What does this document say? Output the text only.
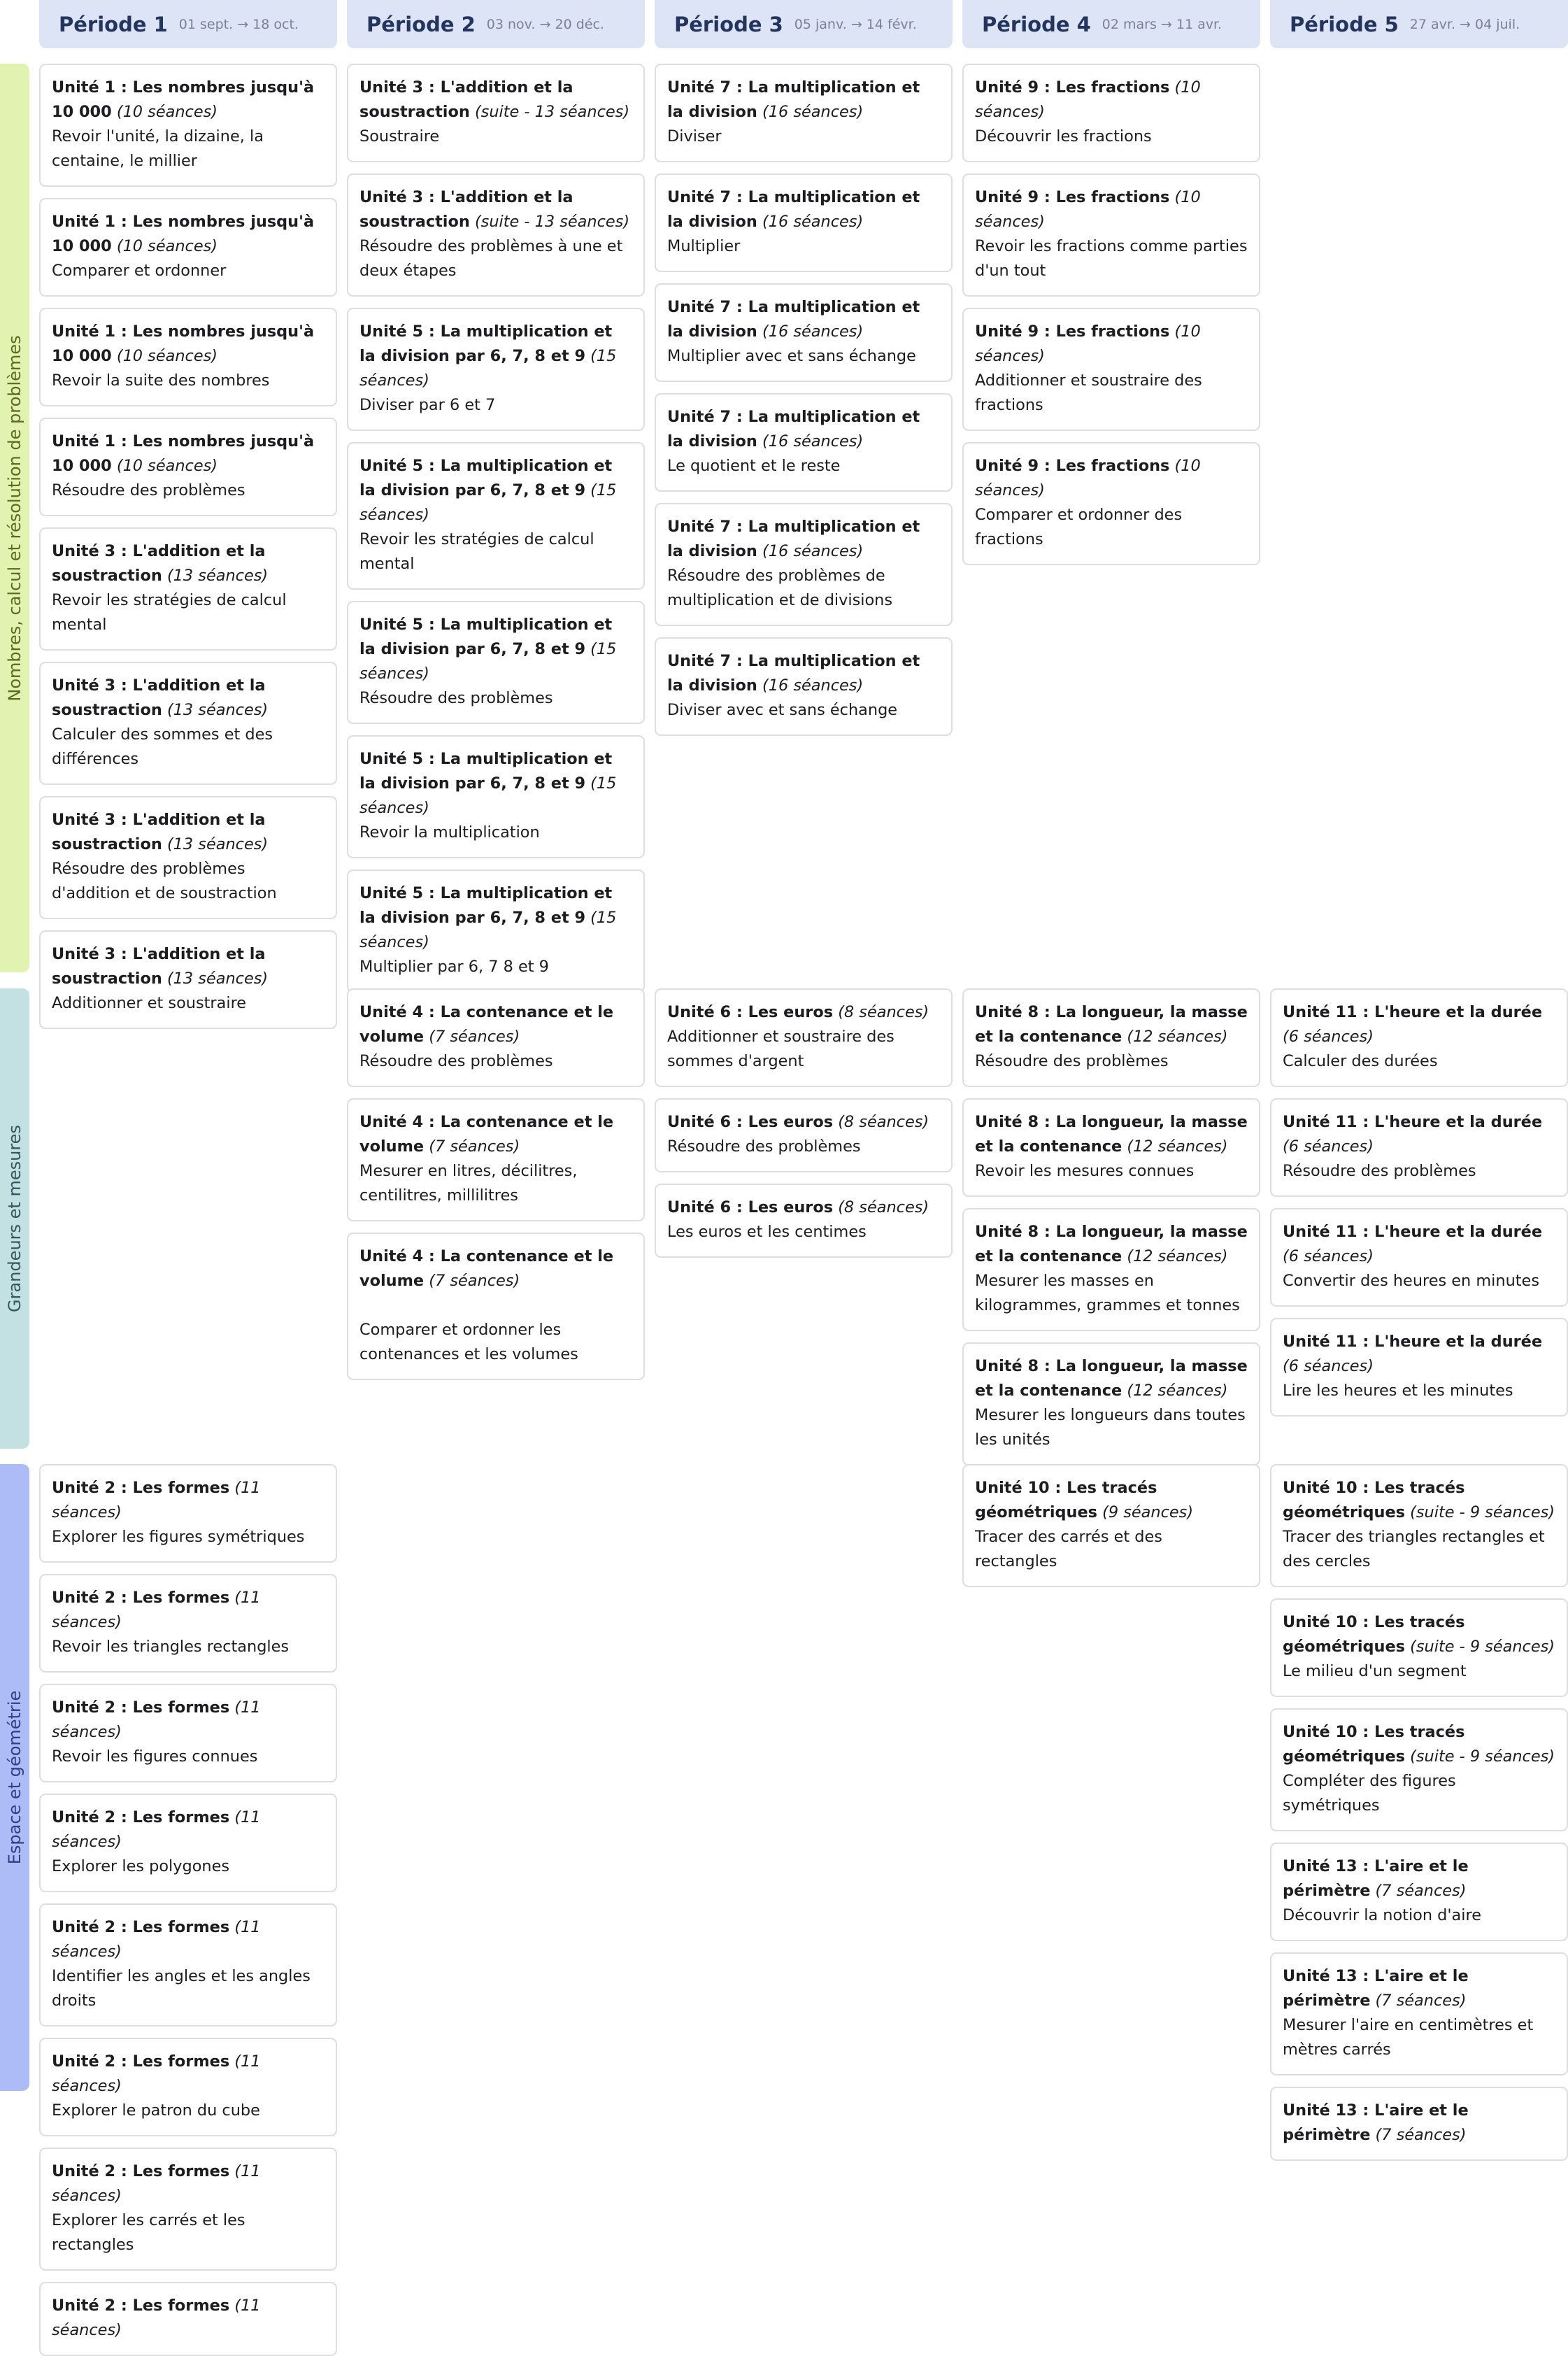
Période 1 01 sept. → 18 oct.	Période 2 03 nov. → 20 déc.	Période 3 05 janv. → 14 févr.	Période 4 02 mars → 11 avr.	Période 5 27 avr. → 04 juil.
Nombres, calcul et résolution de problèmes
Unité 1 : Les nombres jusqu'à 10 000 (10 séances)
Revoir l'unité, la dizaine, la centaine, le millier
Unité 1 : Les nombres jusqu'à 10 000 (10 séances)
Comparer et ordonner
Unité 1 : Les nombres jusqu'à 10 000 (10 séances)
Revoir la suite des nombres
Unité 1 : Les nombres jusqu'à 10 000 (10 séances)
Résoudre des problèmes
Unité 3 : L'addition et la soustraction (13 séances)
Revoir les stratégies de calcul mental
Unité 3 : L'addition et la soustraction (13 séances)
Calculer des sommes et des différences
Unité 3 : L'addition et la soustraction (13 séances)
Résoudre des problèmes d'addition et de soustraction
Unité 3 : L'addition et la soustraction (13 séances)
Additionner et soustraire
Unité 3 : L'addition et la soustraction (suite - 13 séances)
Soustraire
Unité 3 : L'addition et la soustraction (suite - 13 séances)
Résoudre des problèmes à une et deux étapes
Unité 5 : La multiplication et la division par 6, 7, 8 et 9 (15 séances)
Diviser par 6 et 7
Unité 5 : La multiplication et la division par 6, 7, 8 et 9 (15 séances)
Revoir les stratégies de calcul mental
Unité 5 : La multiplication et la division par 6, 7, 8 et 9 (15 séances)
Résoudre des problèmes
Unité 5 : La multiplication et la division par 6, 7, 8 et 9 (15 séances)
Revoir la multiplication
Unité 5 : La multiplication et la division par 6, 7, 8 et 9 (15 séances)
Multiplier par 6, 7 8 et 9
Unité 7 : La multiplication et la division (16 séances)
Diviser
Unité 7 : La multiplication et la division (16 séances)
Multiplier
Unité 7 : La multiplication et la division (16 séances)
Multiplier avec et sans échange
Unité 7 : La multiplication et la division (16 séances)
Le quotient et le reste
Unité 7 : La multiplication et la division (16 séances)
Résoudre des problèmes de multiplication et de divisions
Unité 7 : La multiplication et la division (16 séances)
Diviser avec et sans échange
Unité 9 : Les fractions (10 séances)
Découvrir les fractions
Unité 9 : Les fractions (10 séances)
Revoir les fractions comme parties d'un tout
Unité 9 : Les fractions (10 séances)
Additionner et soustraire des fractions
Unité 9 : Les fractions (10 séances)
Comparer et ordonner des fractions
Grandeurs et mesures
Unité 4 : La contenance et le volume (7 séances)
Résoudre des problèmes
Unité 4 : La contenance et le volume (7 séances)
Mesurer en litres, décilitres, centilitres, millilitres
Unité 4 : La contenance et le volume (7 séances)

Comparer et ordonner les contenances et les volumes
Unité 6 : Les euros (8 séances)
Additionner et soustraire des sommes d'argent
Unité 6 : Les euros (8 séances)
Résoudre des problèmes
Unité 6 : Les euros (8 séances)
Les euros et les centimes
Unité 8 : La longueur, la masse et la contenance (12 séances)
Résoudre des problèmes
Unité 8 : La longueur, la masse et la contenance (12 séances)
Revoir les mesures connues
Unité 8 : La longueur, la masse et la contenance (12 séances)
Mesurer les masses en kilogrammes, grammes et tonnes
Unité 8 : La longueur, la masse et la contenance (12 séances)
Mesurer les longueurs dans toutes les unités
Unité 11 : L'heure et la durée (6 séances)
Calculer des durées
Unité 11 : L'heure et la durée (6 séances)
Résoudre des problèmes
Unité 11 : L'heure et la durée (6 séances)
Convertir des heures en minutes
Unité 11 : L'heure et la durée (6 séances)
Lire les heures et les minutes
Espace et géométrie
Unité 2 : Les formes (11 séances)
Explorer les figures symétriques
Unité 2 : Les formes (11 séances)
Revoir les triangles rectangles
Unité 2 : Les formes (11 séances)
Revoir les figures connues
Unité 2 : Les formes (11 séances)
Explorer les polygones
Unité 2 : Les formes (11 séances)
Identifier les angles et les angles droits
Unité 2 : Les formes (11 séances)
Explorer le patron du cube
Unité 2 : Les formes (11 séances)
Explorer les carrés et les rectangles
Unité 2 : Les formes (11 séances)
Unité 10 : Les tracés géométriques (9 séances)
Tracer des carrés et des rectangles
Unité 10 : Les tracés géométriques (suite - 9 séances)
Tracer des triangles rectangles et des cercles
Unité 10 : Les tracés géométriques (suite - 9 séances)
Le milieu d'un segment
Unité 10 : Les tracés géométriques (suite - 9 séances)
Compléter des figures symétriques
Unité 13 : L'aire et le périmètre (7 séances)
Découvrir la notion d'aire
Unité 13 : L'aire et le périmètre (7 séances)
Mesurer l'aire en centimètres et mètres carrés
Unité 13 : L'aire et le périmètre (7 séances)
